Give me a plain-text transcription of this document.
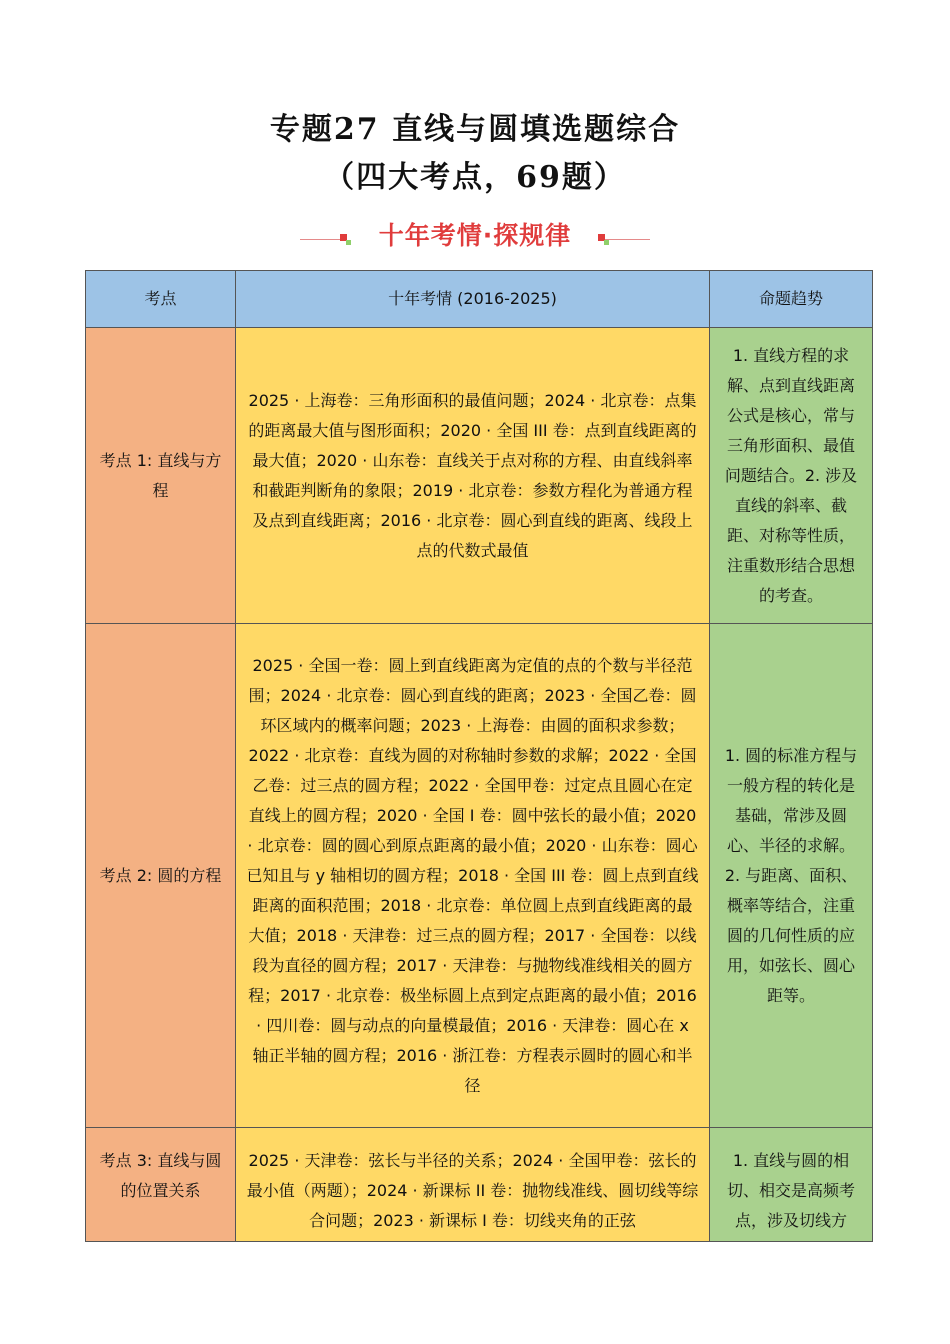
专题27 直线与圆填选题综合
（四大考点，69题）
十年考情·探规律
考点	十年考情 (2016-2025)	命题趋势
考点 1: 直线与方程	2025 · 上海卷：三角形面积的最值问题；2024 · 北京卷：点集的距离最大值与图形面积；2020 · 全国 III 卷：点到直线距离的最大值；2020 · 山东卷：直线关于点对称的方程、由直线斜率和截距判断角的象限；2019 · 北京卷：参数方程化为普通方程及点到直线距离；2016 · 北京卷：圆心到直线的距离、线段上点的代数式最值	1. 直线方程的求解、点到直线距离公式是核心，常与三角形面积、最值问题结合。2. 涉及直线的斜率、截距、对称等性质，注重数形结合思想的考查。
考点 2: 圆的方程	2025 · 全国一卷：圆上到直线距离为定值的点的个数与半径范围；2024 · 北京卷：圆心到直线的距离；2023 · 全国乙卷：圆环区域内的概率问题；2023 · 上海卷：由圆的面积求参数；2022 · 北京卷：直线为圆的对称轴时参数的求解；2022 · 全国乙卷：过三点的圆方程；2022 · 全国甲卷：过定点且圆心在定直线上的圆方程；2020 · 全国 I 卷：圆中弦长的最小值；2020 · 北京卷：圆的圆心到原点距离的最小值；2020 · 山东卷：圆心已知且与 y 轴相切的圆方程；2018 · 全国 III 卷：圆上点到直线距离的面积范围；2018 · 北京卷：单位圆上点到直线距离的最大值；2018 · 天津卷：过三点的圆方程；2017 · 全国卷：以线段为直径的圆方程；2017 · 天津卷：与抛物线准线相关的圆方程；2017 · 北京卷：极坐标圆上点到定点距离的最小值；2016 · 四川卷：圆与动点的向量模最值；2016 · 天津卷：圆心在 x 轴正半轴的圆方程；2016 · 浙江卷：方程表示圆时的圆心和半径	1. 圆的标准方程与一般方程的转化是基础，常涉及圆心、半径的求解。2. 与距离、面积、概率等结合，注重圆的几何性质的应用，如弦长、圆心距等。
考点 3: 直线与圆的位置关系	2025 · 天津卷：弦长与半径的关系；2024 · 全国甲卷：弦长的最小值（两题）；2024 · 新课标 II 卷：抛物线准线、圆切线等综合问题；2023 · 新课标 I 卷：切线夹角的正弦	1. 直线与圆的相切、相交是高频考点，涉及切线方
